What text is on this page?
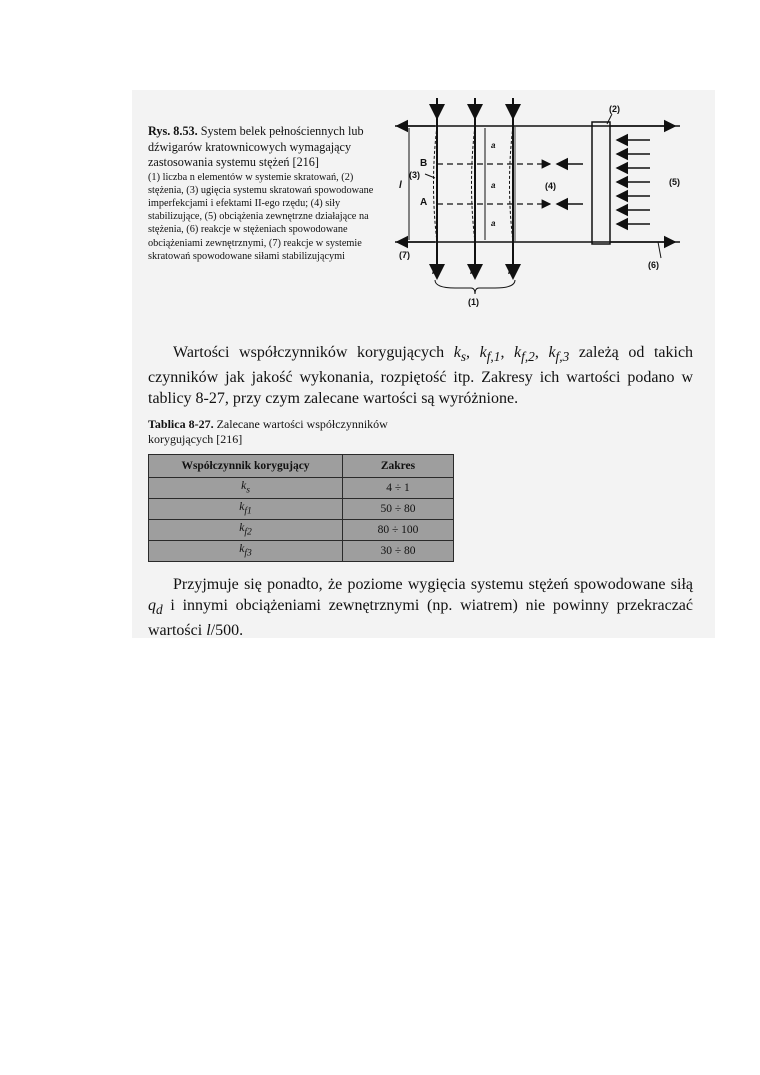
Rys. 8.53. System belek pełnościennych lub dźwigarów kratownicowych wymagający zastosowania systemu stężeń [216]
(1) liczba n elementów w systemie skratowań, (2) stężenia, (3) ugięcia systemu skratowań spowodowane imperfekcjami i efektami II-ego rzędu; (4) siły stabilizujące, (5) obciążenia zewnętrzne działające na stężenia, (6) reakcje w stężeniach spowodowane obciążeniami zewnętrznymi, (7) reakcje w systemie skratowań spowodowane siłami stabilizującymi
(2)
l
(3)
B
A
a
a
a
(4)	(5)
(6)
(7)
N	N	N
(1)
Wartości współczynników korygujących $k_s$, $k_{f,1}$, $k_{f,2}$, $k_{f,3}$ zależą od takich czynników jak jakość wykonania, rozpiętość itp. Zakresy ich wartości podano w tablicy 8-27, przy czym zalecane wartości są wyróżnione.
Tablica 8-27. Zalecane wartości współczynników korygujących [216]
Współczynnik korygujący	Zakres
$k_s$	4 ÷ 1
$k_{f1}$	50 ÷ 80
$k_{f2}$	80 ÷ 100
$k_{f3}$	30 ÷ 80
Przyjmuje się ponadto, że poziome wygięcia systemu stężeń spowodowane siłą $q_d$ i innymi obciążeniami zewnętrznymi (np. wiatrem) nie powinny przekraczać wartości l/500.
